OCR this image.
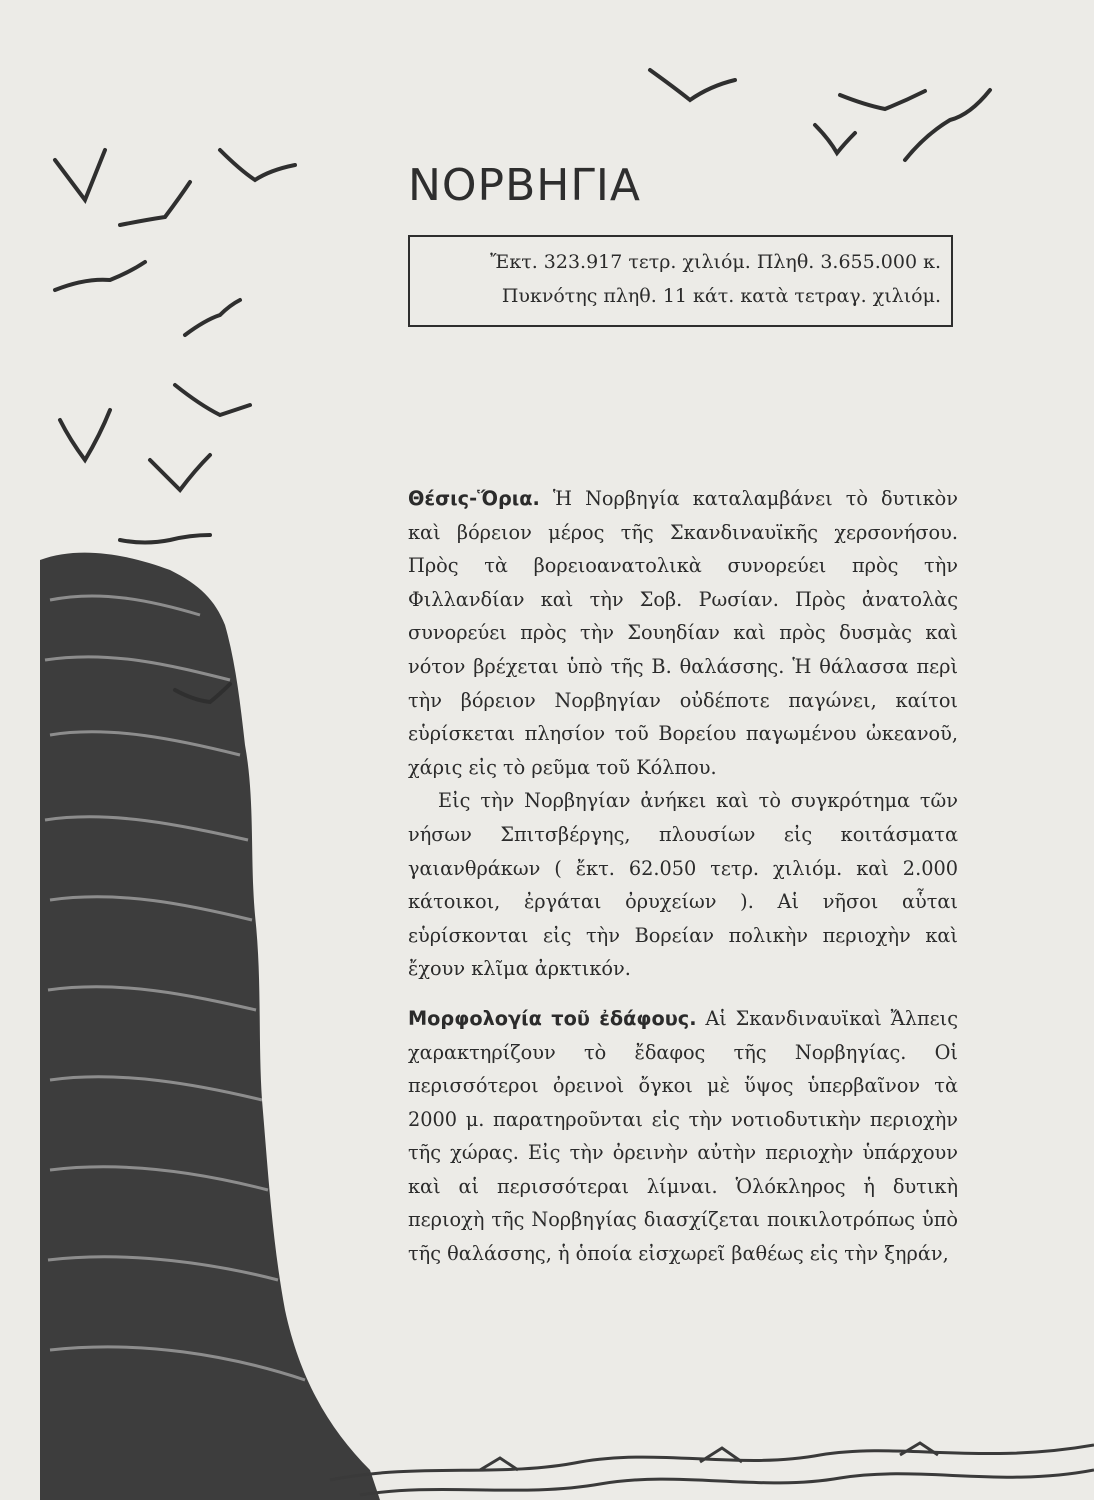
ΝΟΡΒΗΓΙΑ
Ἔκτ. 323.917 τετρ. χιλιόμ. Πληθ. 3.655.000 κ.
Πυκνότης πληθ. 11 κάτ. κατὰ τετραγ. χιλιόμ.

Θέσις-Ὅρια. Ἡ Νορβηγία καταλαμβάνει τὸ δυτικὸν καὶ βόρειον μέρος τῆς Σκανδιναυϊκῆς χερσονήσου. Πρὸς τὰ βορειοανατολικὰ συνορεύει πρὸς τὴν Φιλλανδίαν καὶ τὴν Σοβ. Ρωσίαν. Πρὸς ἀνατολὰς συνορεύει πρὸς τὴν Σουηδίαν καὶ πρὸς δυσμὰς καὶ νότον βρέχεται ὑπὸ τῆς Β. θαλάσσης. Ἡ θάλασσα περὶ τὴν βόρειον Νορβηγίαν οὐδέποτε παγώνει, καίτοι εὑρίσκεται πλησίον τοῦ Βορείου παγωμένου ὠκεανοῦ, χάρις εἰς τὸ ρεῦμα τοῦ Κόλπου.

Εἰς τὴν Νορβηγίαν ἀνήκει καὶ τὸ συγκρότημα τῶν νήσων Σπιτσβέργης, πλουσίων εἰς κοιτάσματα γαιανθράκων ( ἔκτ. 62.050 τετρ. χιλιόμ. καὶ 2.000 κάτοικοι, ἐργάται ὀρυχείων ). Αἱ νῆσοι αὗται εὑρίσκονται εἰς τὴν Βορείαν πολικὴν περιοχὴν καὶ ἔχουν κλῖμα ἀρκτικόν.

Μορφολογία τοῦ ἐδάφους. Αἱ Σκανδιναυϊκαὶ Ἄλπεις χαρακτηρίζουν τὸ ἔδαφος τῆς Νορβηγίας. Οἱ περισσότεροι ὀρεινοὶ ὄγκοι μὲ ὕψος ὑπερβαῖνον τὰ 2000 μ. παρατηροῦνται εἰς τὴν νοτιοδυτικὴν περιοχὴν τῆς χώρας. Εἰς τὴν ὀρεινὴν αὐτὴν περιοχὴν ὑπάρχουν καὶ αἱ περισσότεραι λίμναι. Ὁλόκληρος ἡ δυτικὴ περιοχὴ τῆς Νορβηγίας διασχίζεται ποικιλοτρόπως ὑπὸ τῆς θαλάσσης, ἡ ὁποία εἰσχωρεῖ βαθέως εἰς τὴν ξηράν,
